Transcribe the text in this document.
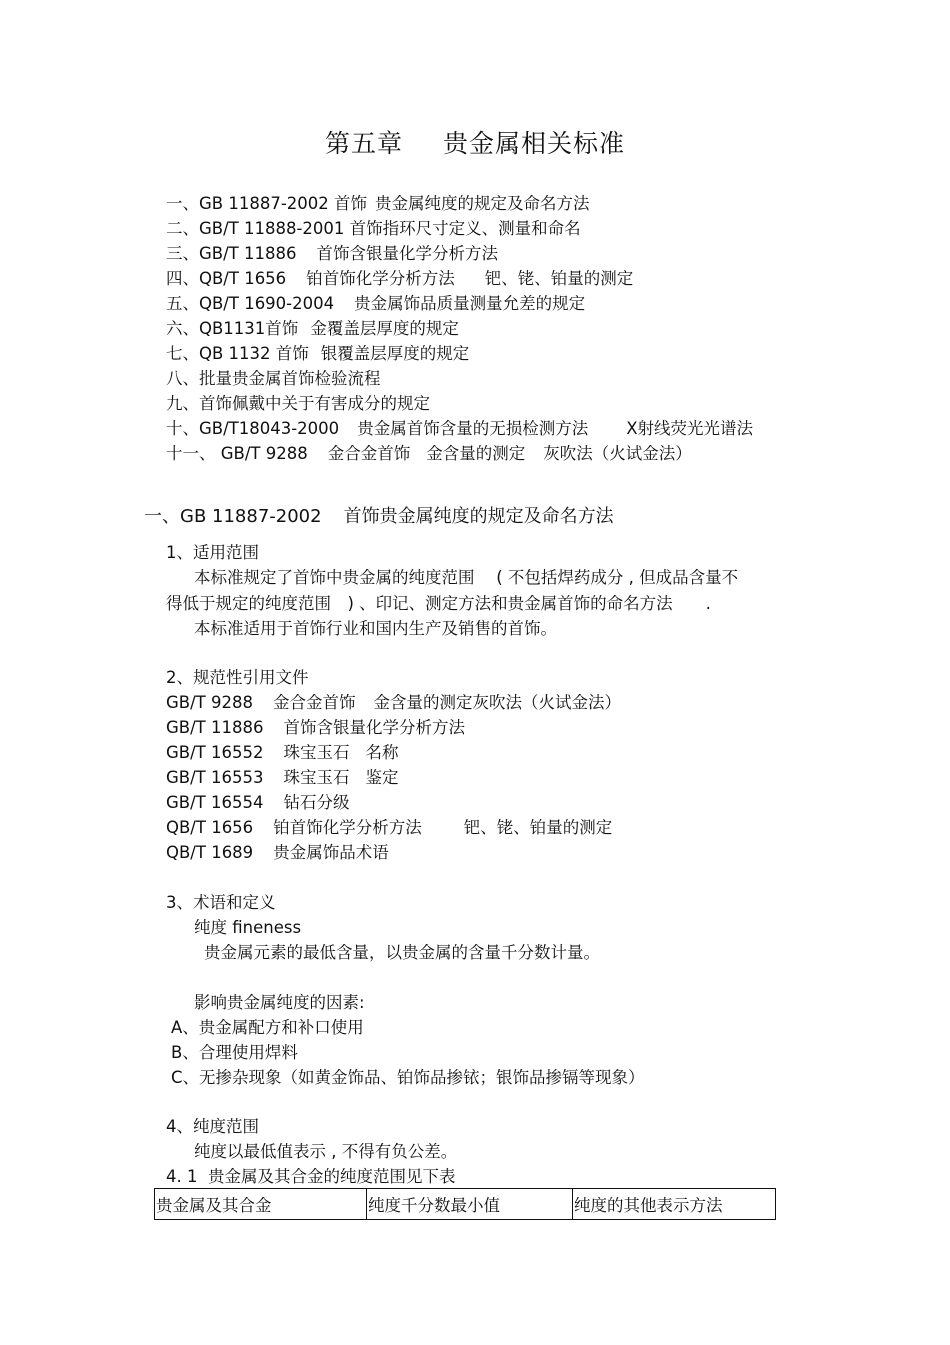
第五章 贵金属相关标准
一、GB 11887-2002 首饰 贵金属纯度的规定及命名方法
二、GB/T 11888-2001 首饰指环尺寸定义、测量和命名
三、GB/T 11886 首饰含银量化学分析方法
四、QB/T 1656 铂首饰化学分析方法 钯、铑、铂量的测定
五、QB/T 1690-2004 贵金属饰品质量测量允差的规定
六、QB1131首饰 金覆盖层厚度的规定
七、QB 1132 首饰 银覆盖层厚度的规定
八、批量贵金属首饰检验流程
九、首饰佩戴中关于有害成分的规定
十、GB/T18043-2000 贵金属首饰含量的无损检测方法 X射线荧光光谱法
十一、 GB/T 9288 金合金首饰 金含量的测定 灰吹法（火试金法）
一、GB 11887-2002 首饰贵金属纯度的规定及命名方法
1、适用范围
本标准规定了首饰中贵金属的纯度范围　 ( 不包括焊药成分 , 但成品含量不
得低于规定的纯度范围　) 、印记、测定方法和贵金属首饰的命名方法　　.
本标准适用于首饰行业和国内生产及销售的首饰。
2、规范性引用文件
GB/T 9288 金合金首饰 金含量的测定灰吹法（火试金法）
GB/T 11886 首饰含银量化学分析方法
GB/T 16552 珠宝玉石 名称
GB/T 16553 珠宝玉石 鉴定
GB/T 16554 钻石分级
QB/T 1656 铂首饰化学分析方法	钯、铑、铂量的测定
QB/T 1689 贵金属饰品术语
3、术语和定义
纯度 fineness
贵金属元素的最低含量，以贵金属的含量千分数计量。
影响贵金属纯度的因素:
A、贵金属配方和补口使用
B、合理使用焊料
C、无掺杂现象（如黄金饰品、铂饰品掺铱；银饰品掺镉等现象）
4、纯度范围
纯度以最低值表示 , 不得有负公差。
4. 1  贵金属及其合金的纯度范围见下表
贵金属及其合金	纯度千分数最小值	纯度的其他表示方法
